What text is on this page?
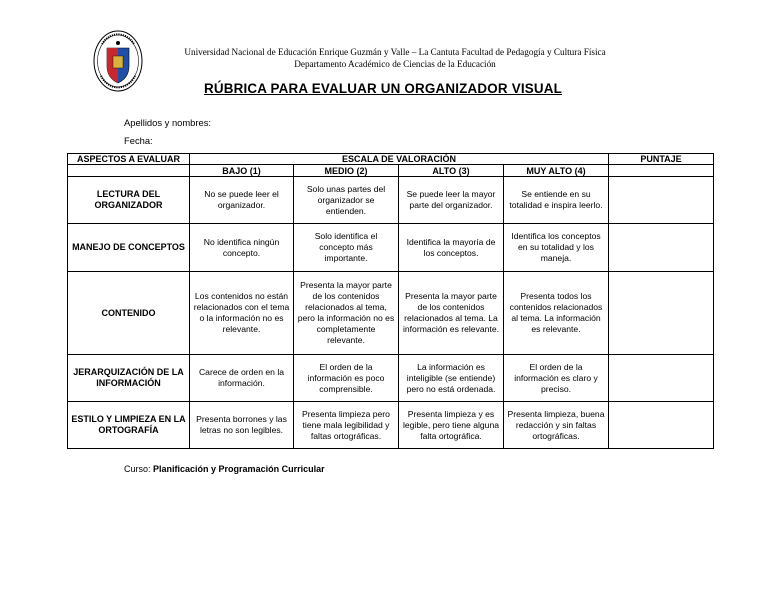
Universidad Nacional de Educación Enrique Guzmán y Valle – La Cantuta Facultad de Pedagogía y Cultura Física
Departamento Académico de Ciencias de la Educación
RÚBRICA PARA EVALUAR UN ORGANIZADOR VISUAL
Apellidos y nombres:
Fecha:
ASPECTOS A EVALUAR	ESCALA DE VALORACIÓN				PUNTAJE
	BAJO (1)	MEDIO (2)	ALTO (3)	MUY ALTO (4)	
LECTURA DEL ORGANIZADOR	No se puede leer el organizador.	Solo unas partes del organizador se entienden.	Se puede leer la mayor parte del organizador.	Se entiende en su totalidad e inspira leerlo.	
MANEJO DE CONCEPTOS	No identifica ningún concepto.	Solo identifica el concepto más importante.	Identifica la mayoría de los conceptos.	Identifica los conceptos en su totalidad y los maneja.	
CONTENIDO	Los contenidos no están relacionados con el tema o la información no es relevante.	Presenta la mayor parte de los contenidos relacionados al tema, pero la información no es completamente relevante.	Presenta la mayor parte de los contenidos relacionados al tema. La información es relevante.	Presenta todos los contenidos relacionados al tema. La información es relevante.	
JERARQUIZACIÓN DE LA INFORMACIÓN	Carece de orden en la información.	El orden de la información es poco comprensible.	La información es inteligible (se entiende) pero no está ordenada.	El orden de la información es claro y preciso.	
ESTILO Y LIMPIEZA EN LA ORTOGRAFÍA	Presenta borrones y las letras no son legibles.	Presenta limpieza pero tiene mala legibilidad y faltas ortográficas.	Presenta limpieza y es legible, pero tiene alguna falta ortográfica.	Presenta limpieza, buena redacción y sin faltas ortográficas.	
Curso: Planificación y Programación Curricular
